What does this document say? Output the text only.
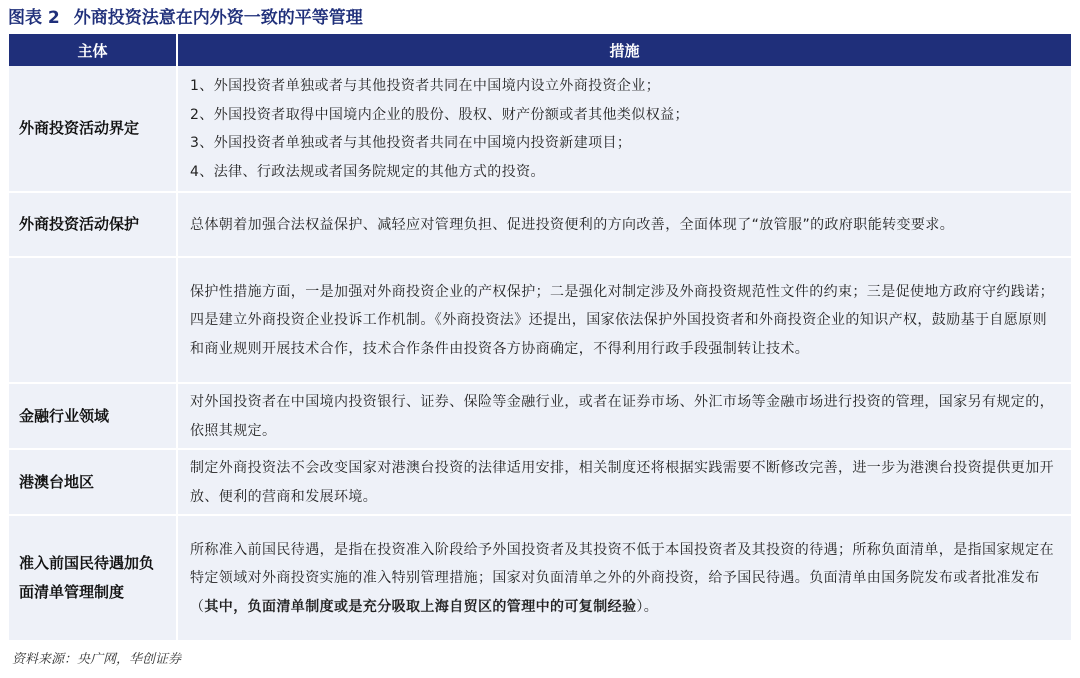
图表 2 外商投资法意在内外资一致的平等管理
主体	措施
外商投资活动界定	1、外国投资者单独或者与其他投资者共同在中国境内设立外商投资企业；
2、外国投资者取得中国境内企业的股份、股权、财产份额或者其他类似权益；
3、外国投资者单独或者与其他投资者共同在中国境内投资新建项目；
4、法律、行政法规或者国务院规定的其他方式的投资。

外商投资活动保护	总体朝着加强合法权益保护、减轻应对管理负担、促进投资便利的方向改善，全面体现了“放管服”的政府职能转变要求。
	保护性措施方面，一是加强对外商投资企业的产权保护；二是强化对制定涉及外商投资规范性文件的约束；三是促使地方政府守约践诺；四是建立外商投资企业投诉工作机制。《外商投资法》还提出，国家依法保护外国投资者和外商投资企业的知识产权，鼓励基于自愿原则和商业规则开展技术合作，技术合作条件由投资各方协商确定，不得利用行政手段强制转让技术。
金融行业领域	对外国投资者在中国境内投资银行、证券、保险等金融行业，或者在证券市场、外汇市场等金融市场进行投资的管理，国家另有规定的，依照其规定。
港澳台地区	制定外商投资法不会改变国家对港澳台投资的法律适用安排，相关制度还将根据实践需要不断修改完善，进一步为港澳台投资提供更加开放、便利的营商和发展环境。
准入前国民待遇加负面清单管理制度	所称准入前国民待遇，是指在投资准入阶段给予外国投资者及其投资不低于本国投资者及其投资的待遇；所称负面清单，是指国家规定在特定领域对外商投资实施的准入特别管理措施；国家对负面清单之外的外商投资，给予国民待遇。负面清单由国务院发布或者批准发布（其中，负面清单制度或是充分吸取上海自贸区的管理中的可复制经验）。
资料来源：央广网，华创证券
